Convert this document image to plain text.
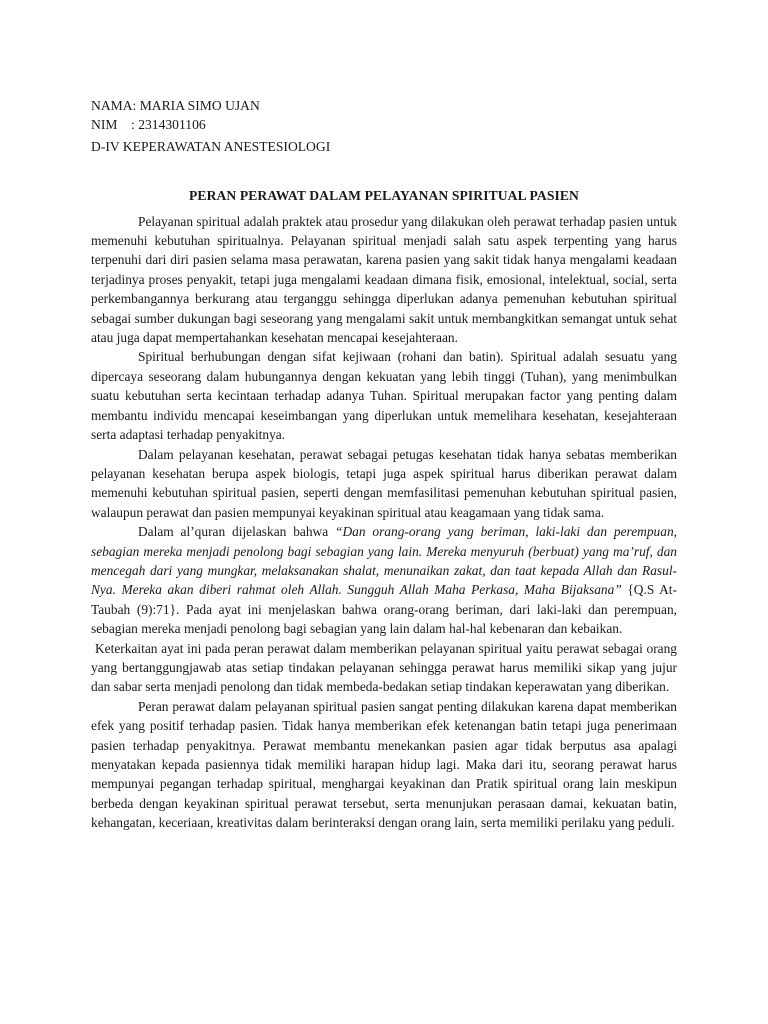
NAMA: MARIA SIMO UJAN

NIM    : 2314301106

D-IV KEPERAWATAN ANESTESIOLOGI

PERAN PERAWAT DALAM PELAYANAN SPIRITUAL PASIEN

Pelayanan spiritual adalah praktek atau prosedur yang dilakukan oleh perawat terhadap pasien untuk memenuhi kebutuhan spiritualnya. Pelayanan spiritual menjadi salah satu aspek terpenting yang harus terpenuhi dari diri pasien selama masa perawatan, karena pasien yang sakit tidak hanya mengalami keadaan terjadinya proses penyakit, tetapi juga mengalami keadaan dimana fisik, emosional, intelektual, social, serta perkembangannya berkurang atau terganggu sehingga diperlukan adanya pemenuhan kebutuhan spiritual sebagai sumber dukungan bagi seseorang yang mengalami sakit untuk membangkitkan semangat untuk sehat atau juga dapat mempertahankan kesehatan mencapai kesejahteraan.

Spiritual berhubungan dengan sifat kejiwaan (rohani dan batin). Spiritual adalah sesuatu yang dipercaya seseorang dalam hubungannya dengan kekuatan yang lebih tinggi (Tuhan), yang menimbulkan suatu kebutuhan serta kecintaan terhadap adanya Tuhan. Spiritual merupakan factor yang penting dalam membantu individu mencapai keseimbangan yang diperlukan untuk memelihara kesehatan, kesejahteraan serta adaptasi terhadap penyakitnya.

Dalam pelayanan kesehatan, perawat sebagai petugas kesehatan tidak hanya sebatas memberikan pelayanan kesehatan berupa aspek biologis, tetapi juga aspek spiritual harus diberikan perawat dalam memenuhi kebutuhan spiritual pasien, seperti dengan memfasilitasi pemenuhan kebutuhan spiritual pasien, walaupun perawat dan pasien mempunyai keyakinan spiritual atau keagamaan yang tidak sama.

Dalam al’quran dijelaskan bahwa “Dan orang-orang yang beriman, laki-laki dan perempuan, sebagian mereka menjadi penolong bagi sebagian yang lain. Mereka menyuruh (berbuat) yang ma’ruf, dan mencegah dari yang mungkar, melaksanakan shalat, menunaikan zakat, dan taat kepada Allah dan Rasul-Nya. Mereka akan diberi rahmat oleh Allah. Sungguh Allah Maha Perkasa, Maha Bijaksana” {Q.S At-Taubah (9):71}. Pada ayat ini menjelaskan bahwa orang-orang beriman, dari laki-laki dan perempuan, sebagian mereka menjadi penolong bagi sebagian yang lain dalam hal-hal kebenaran dan kebaikan.

Keterkaitan ayat ini pada peran perawat dalam memberikan pelayanan spiritual yaitu perawat sebagai orang yang bertanggungjawab atas setiap tindakan pelayanan sehingga perawat harus memiliki sikap yang jujur dan sabar serta menjadi penolong dan tidak membeda-bedakan setiap tindakan keperawatan yang diberikan.

Peran perawat dalam pelayanan spiritual pasien sangat penting dilakukan karena dapat memberikan efek yang positif terhadap pasien. Tidak hanya memberikan efek ketenangan batin tetapi juga penerimaan pasien terhadap penyakitnya. Perawat membantu menekankan pasien agar tidak berputus asa apalagi menyatakan kepada pasiennya tidak memiliki harapan hidup lagi. Maka dari itu, seorang perawat harus mempunyai pegangan terhadap spiritual, menghargai keyakinan dan Pratik spiritual orang lain meskipun berbeda dengan keyakinan spiritual perawat tersebut, serta menunjukan perasaan damai, kekuatan batin, kehangatan, keceriaan, kreativitas dalam berinteraksi dengan orang lain, serta memiliki perilaku yang peduli.
